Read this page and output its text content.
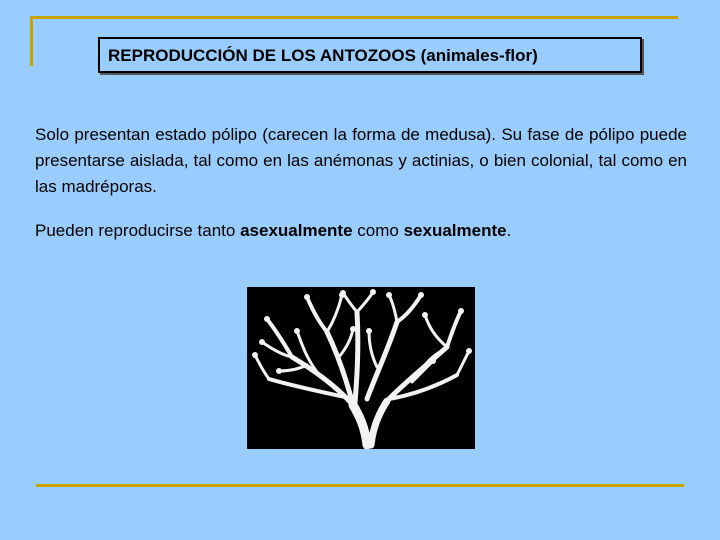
REPRODUCCIÓN DE LOS ANTOZOOS (animales-flor)
Solo presentan estado pólipo (carecen la forma de medusa). Su fase de pólipo puede presentarse aislada, tal como en las anémonas y actinias, o bien colonial, tal como en las madréporas.
Pueden reproducirse tanto asexualmente como sexualmente.
